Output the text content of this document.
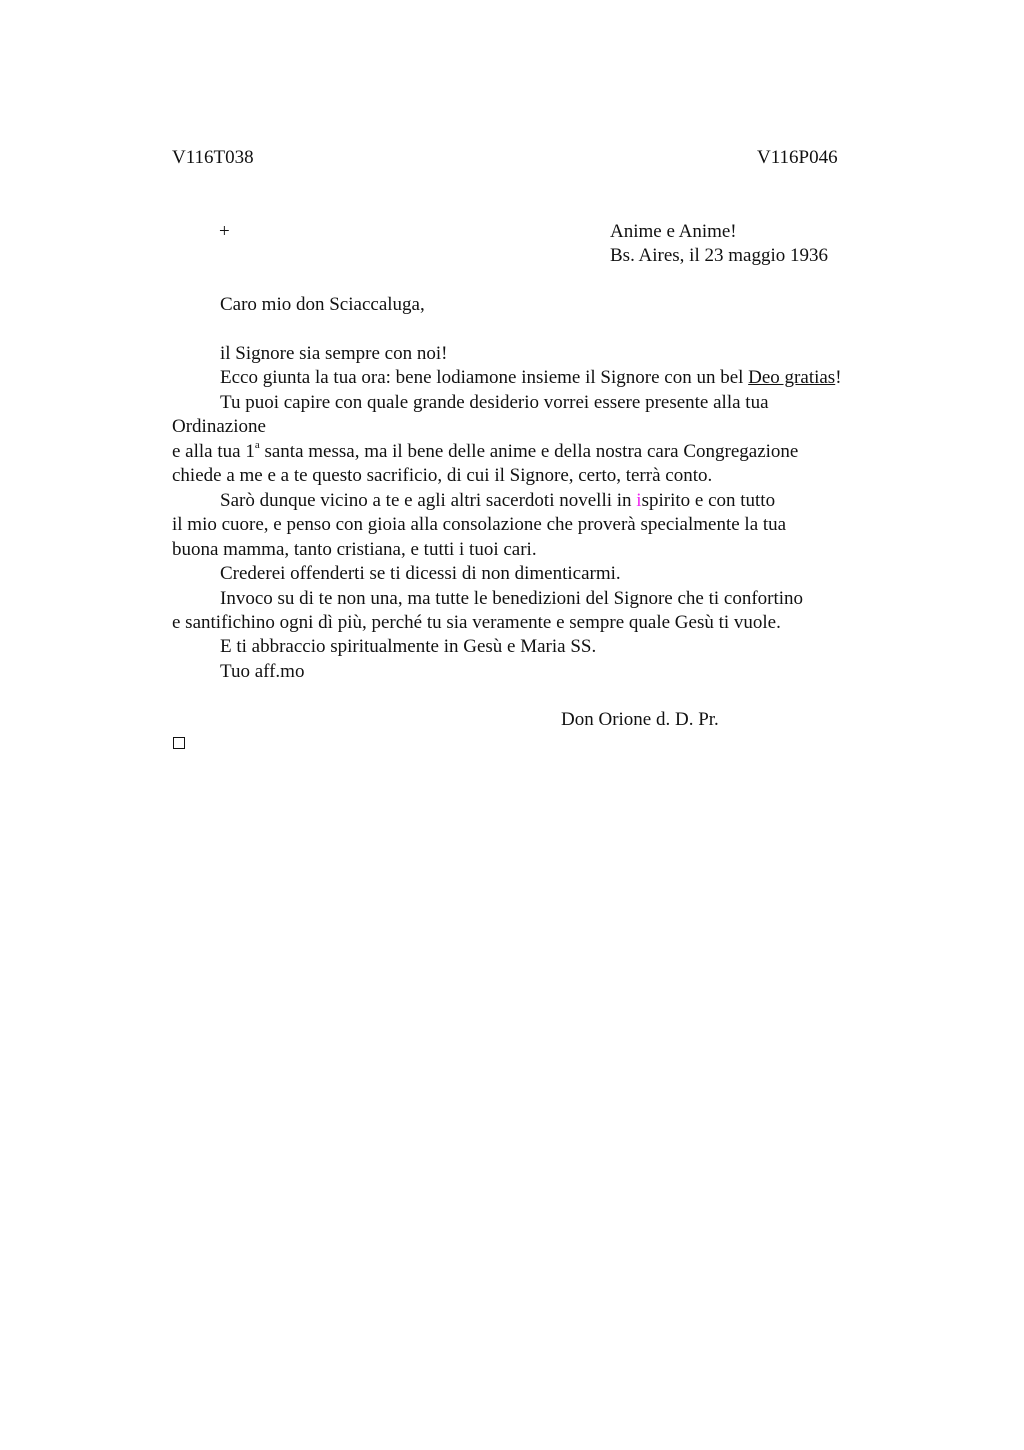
V116T038	V116P046
+	Anime e Anime!
Bs. Aires, il 23 maggio 1936
Caro mio don Sciaccaluga,
il Signore sia sempre con noi!
Ecco giunta la tua ora: bene lodiamone insieme il Signore con un bel Deo gratias!
Tu puoi capire con quale grande desiderio vorrei essere presente alla tua
Ordinazione
e alla tua 1$^a$ santa messa, ma il bene delle anime e della nostra cara Congregazione
chiede a me e a te questo sacrificio, di cui il Signore, certo, terrà conto.
Sarò dunque vicino a te e agli altri sacerdoti novelli in ispirito e con tutto
il mio cuore, e penso con gioia alla consolazione che proverà specialmente la tua
buona mamma, tanto cristiana, e tutti i tuoi cari.
Crederei offenderti se ti dicessi di non dimenticarmi.
Invoco su di te non una, ma tutte le benedizioni del Signore che ti confortino
e santifichino ogni dì più, perché tu sia veramente e sempre quale Gesù ti vuole.
E ti abbraccio spiritualmente in Gesù e Maria SS.
Tuo aff.mo
Don Orione d. D. Pr.
